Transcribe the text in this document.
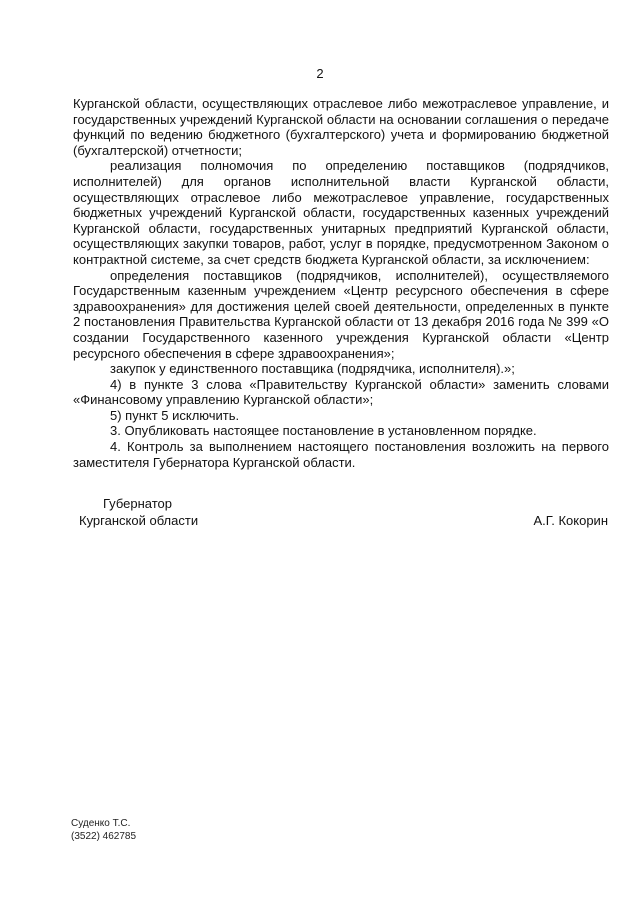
2

Курганской области, осуществляющих отраслевое либо межотраслевое управление, и государственных учреждений Курганской области на основании соглашения о передаче функций по ведению бюджетного (бухгалтерского) учета и формированию бюджетной (бухгалтерской) отчетности;

реализация полномочия по определению поставщиков (подрядчиков, исполнителей) для органов исполнительной власти Курганской области, осуществляющих отраслевое либо межотраслевое управление, государственных бюджетных учреждений Курганской области, государственных казенных учреждений Курганской области, государственных унитарных предприятий Курганской области, осуществляющих закупки товаров, работ, услуг в порядке, предусмотренном Законом о контрактной системе, за счет средств бюджета Курганской области, за исключением:

определения поставщиков (подрядчиков, исполнителей), осуществляемого Государственным казенным учреждением «Центр ресурсного обеспечения в сфере здравоохранения» для достижения целей своей деятельности, определенных в пункте 2 постановления Правительства Курганской области от 13 декабря 2016 года № 399 «О создании Государственного казенного учреждения Курганской области «Центр ресурсного обеспечения в сфере здравоохранения»;

закупок у единственного поставщика (подрядчика, исполнителя).»;

4) в пункте 3 слова «Правительству Курганской области» заменить словами «Финансовому управлению Курганской области»;

5) пункт 5 исключить.

3. Опубликовать настоящее постановление в установленном порядке.

4. Контроль за выполнением настоящего постановления возложить на первого заместителя Губернатора Курганской области.

Губернатор
Курганской области	А.Г. Кокорин
Суденко Т.С.
(3522) 462785
